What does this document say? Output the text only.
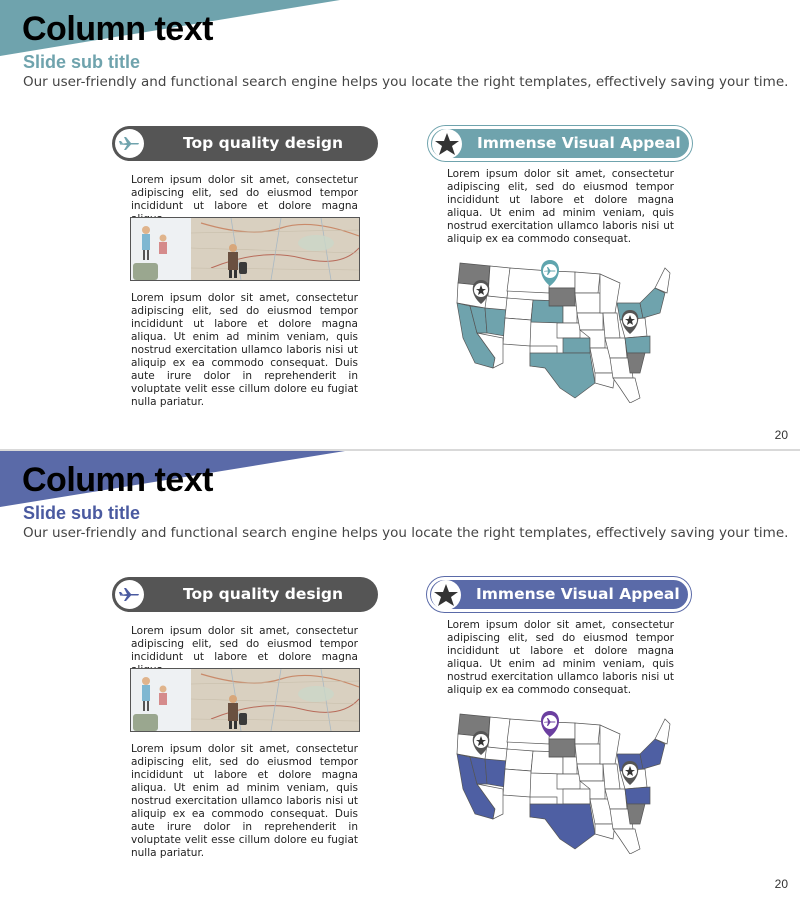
Column text
Slide sub title
Our user-friendly and functional search engine helps you locate the right templates, effectively saving your time.
Top quality design
Lorem ipsum dolor sit amet, consectetur adipiscing elit, sed do eiusmod tempor incididunt ut labore et dolore magna
Lorem ipsum dolor sit amet, consectetur adipiscing elit, sed do eiusmod tempor incididunt ut labore et dolore magna aliqua. Ut enim ad minim veniam, quis nostrud exercitation ullamco laboris nisi ut aliquip ex ea commodo consequat. Duis aute irure dolor in reprehenderit in voluptate velit esse cillum dolore eu fugiat nulla pariatur.
Immense Visual Appeal
Lorem ipsum dolor sit amet, consectetur adipiscing elit, sed do eiusmod tempor incididunt ut labore et dolore magna aliqua. Ut enim ad minim veniam, quis nostrud exercitation ullamco laboris nisi ut aliquip ex ea commodo consequat.
20
Column text
Slide sub title
Our user-friendly and functional search engine helps you locate the right templates, effectively saving your time.
Top quality design
Lorem ipsum dolor sit amet, consectetur adipiscing elit, sed do eiusmod tempor incididunt ut labore et dolore magna
Lorem ipsum dolor sit amet, consectetur adipiscing elit, sed do eiusmod tempor incididunt ut labore et dolore magna aliqua. Ut enim ad minim veniam, quis nostrud exercitation ullamco laboris nisi ut aliquip ex ea commodo consequat. Duis aute irure dolor in reprehenderit in voluptate velit esse cillum dolore eu fugiat nulla pariatur.
Immense Visual Appeal
Lorem ipsum dolor sit amet, consectetur adipiscing elit, sed do eiusmod tempor incididunt ut labore et dolore magna aliqua. Ut enim ad minim veniam, quis nostrud exercitation ullamco laboris nisi ut aliquip ex ea commodo consequat.
20
